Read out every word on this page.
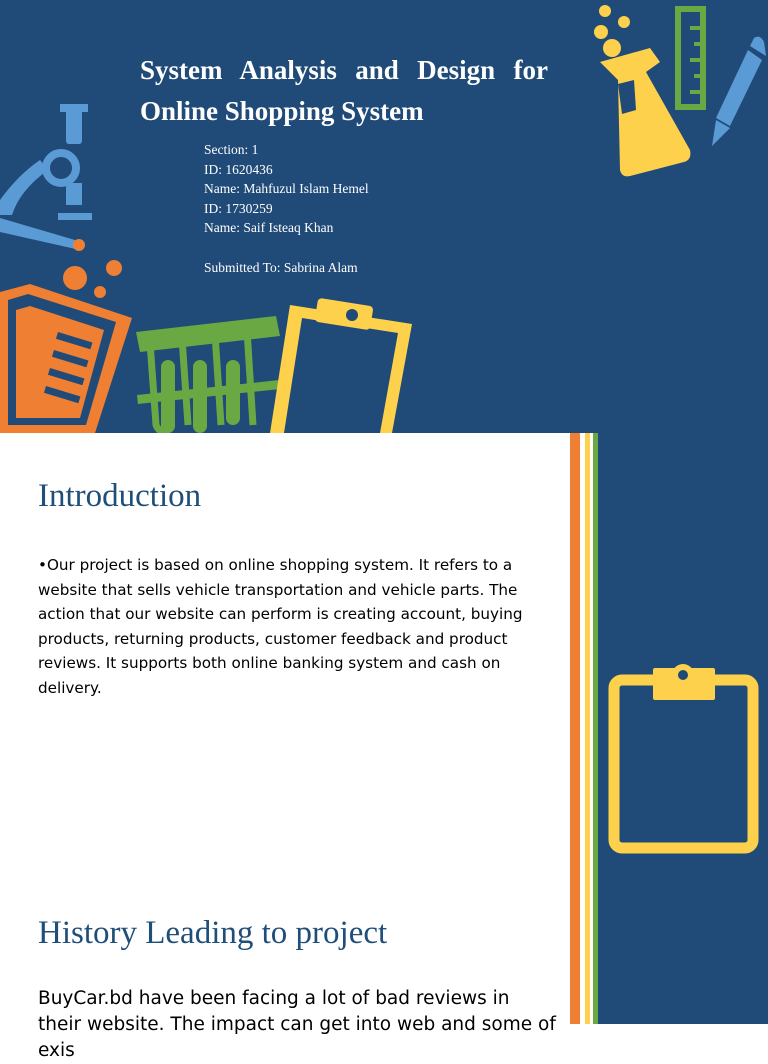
System Analysis and Design for Online Shopping System
Section: 1
ID: 1620436
Name: Mahfuzul Islam Hemel
ID: 1730259
Name: Saif Isteaq Khan
Submitted To: Sabrina Alam
Introduction

•Our project is based on online shopping system. It refers to a website that sells vehicle transportation and vehicle parts. The action that our website can perform is creating account, buying products, returning products, customer feedback and product reviews. It supports both online banking system and cash on delivery.

History Leading to project

BuyCar.bd have been facing a lot of bad reviews in their website. The impact can get into web and some of exis
